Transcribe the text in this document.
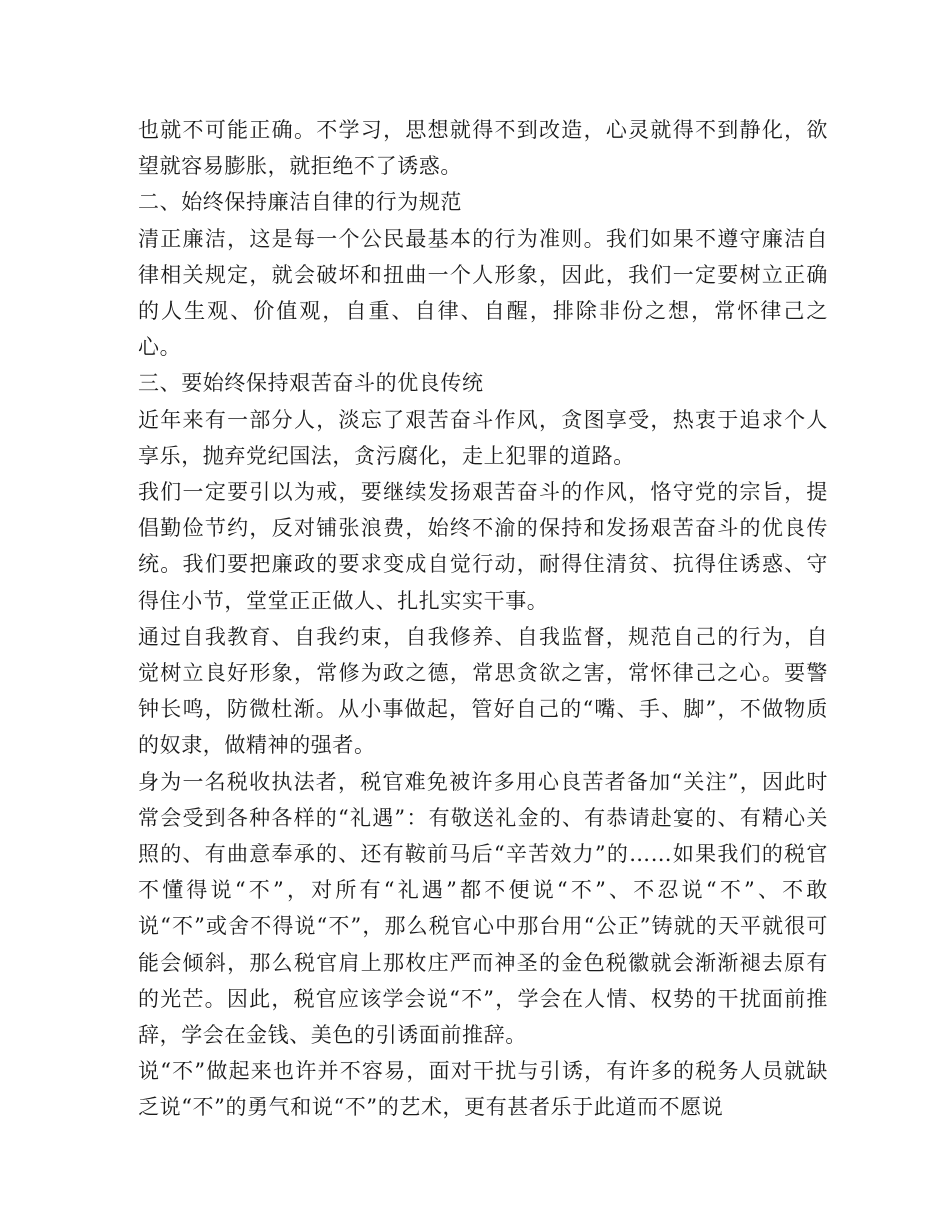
也就不可能正确。不学习，思想就得不到改造，心灵就得不到静化，欲望就容易膨胀，就拒绝不了诱惑。

二、始终保持廉洁自律的行为规范

清正廉洁，这是每一个公民最基本的行为准则。我们如果不遵守廉洁自律相关规定，就会破坏和扭曲一个人形象，因此，我们一定要树立正确的人生观、价值观，自重、自律、自醒，排除非份之想，常怀律己之心。

三、要始终保持艰苦奋斗的优良传统

近年来有一部分人，淡忘了艰苦奋斗作风，贪图享受，热衷于追求个人享乐，抛弃党纪国法，贪污腐化，走上犯罪的道路。

我们一定要引以为戒，要继续发扬艰苦奋斗的作风，恪守党的宗旨，提倡勤俭节约，反对铺张浪费，始终不渝的保持和发扬艰苦奋斗的优良传统。我们要把廉政的要求变成自觉行动，耐得住清贫、抗得住诱惑、守得住小节，堂堂正正做人、扎扎实实干事。

通过自我教育、自我约束，自我修养、自我监督，规范自己的行为，自觉树立良好形象，常修为政之德，常思贪欲之害，常怀律己之心。要警钟长鸣，防微杜渐。从小事做起，管好自己的“嘴、手、脚”，不做物质的奴隶，做精神的强者。

身为一名税收执法者，税官难免被许多用心良苦者备加“关注”，因此时常会受到各种各样的“礼遇”：有敬送礼金的、有恭请赴宴的、有精心关照的、有曲意奉承的、还有鞍前马后“辛苦效力”的……如果我们的税官不懂得说“不”，对所有“礼遇”都不便说“不”、不忍说“不”、不敢说“不”或舍不得说“不”，那么税官心中那台用“公正”铸就的天平就很可能会倾斜，那么税官肩上那枚庄严而神圣的金色税徽就会渐渐褪去原有的光芒。因此，税官应该学会说“不”，学会在人情、权势的干扰面前推辞，学会在金钱、美色的引诱面前推辞。

说“不”做起来也许并不容易，面对干扰与引诱，有许多的税务人员就缺乏说“不”的勇气和说“不”的艺术，更有甚者乐于此道而不愿说
